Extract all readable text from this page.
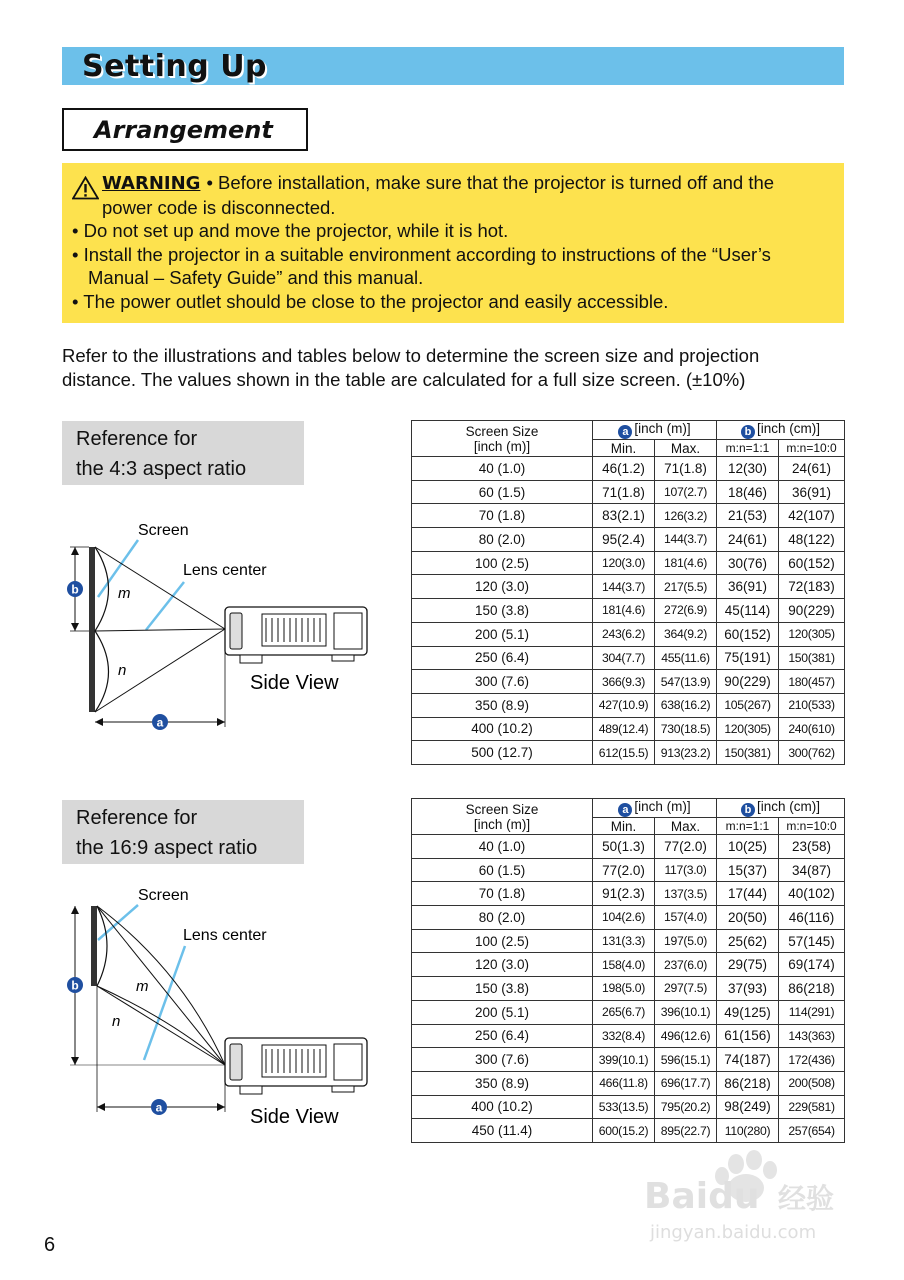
Setting Up
Arrangement
WARNING • Before installation, make sure that the projector is turned off and the
power code is disconnected.
• Do not set up and move the projector, while it is hot.
• Install the projector in a suitable environment according to instructions of the “User’s Manual – Safety Guide” and this manual.
• The power outlet should be close to the projector and easily accessible.
Refer to the illustrations and tables below to determine the screen size and projection
distance. The values shown in the table are calculated for a full size screen. (±10%)
Reference for
the 4:3 aspect ratio
Reference for
the 16:9 aspect ratio
Screen
Lens center
m
n
b
a
Side View
Screen
Lens center
m
n
b
a	Side View
Screen Size
[inch (m)]	a [inch (m)]		b [inch (cm)]	
	Min.	Max.	m:n=1:1	m:n=10:0
40 (1.0)	46(1.2)	71(1.8)	12(30)	24(61)
60 (1.5)	71(1.8)	107(2.7)	18(46)	36(91)
70 (1.8)	83(2.1)	126(3.2)	21(53)	42(107)
80 (2.0)	95(2.4)	144(3.7)	24(61)	48(122)
100 (2.5)	120(3.0)	181(4.6)	30(76)	60(152)
120 (3.0)	144(3.7)	217(5.5)	36(91)	72(183)
150 (3.8)	181(4.6)	272(6.9)	45(114)	90(229)
200 (5.1)	243(6.2)	364(9.2)	60(152)	120(305)
250 (6.4)	304(7.7)	455(11.6)	75(191)	150(381)
300 (7.6)	366(9.3)	547(13.9)	90(229)	180(457)
350 (8.9)	427(10.9)	638(16.2)	105(267)	210(533)
400 (10.2)	489(12.4)	730(18.5)	120(305)	240(610)
500 (12.7)	612(15.5)	913(23.2)	150(381)	300(762)
Screen Size
[inch (m)]	a [inch (m)]		b [inch (cm)]	
	Min.	Max.	m:n=1:1	m:n=10:0
40 (1.0)	50(1.3)	77(2.0)	10(25)	23(58)
60 (1.5)	77(2.0)	117(3.0)	15(37)	34(87)
70 (1.8)	91(2.3)	137(3.5)	17(44)	40(102)
80 (2.0)	104(2.6)	157(4.0)	20(50)	46(116)
100 (2.5)	131(3.3)	197(5.0)	25(62)	57(145)
120 (3.0)	158(4.0)	237(6.0)	29(75)	69(174)
150 (3.8)	198(5.0)	297(7.5)	37(93)	86(218)
200 (5.1)	265(6.7)	396(10.1)	49(125)	114(291)
250 (6.4)	332(8.4)	496(12.6)	61(156)	143(363)
300 (7.6)	399(10.1)	596(15.1)	74(187)	172(436)
350 (8.9)	466(11.8)	696(17.7)	86(218)	200(508)
400 (10.2)	533(13.5)	795(20.2)	98(249)	229(581)
450 (11.4)	600(15.2)	895(22.7)	110(280)	257(654)
Baidu 经验
jingyan.baidu.com
6
